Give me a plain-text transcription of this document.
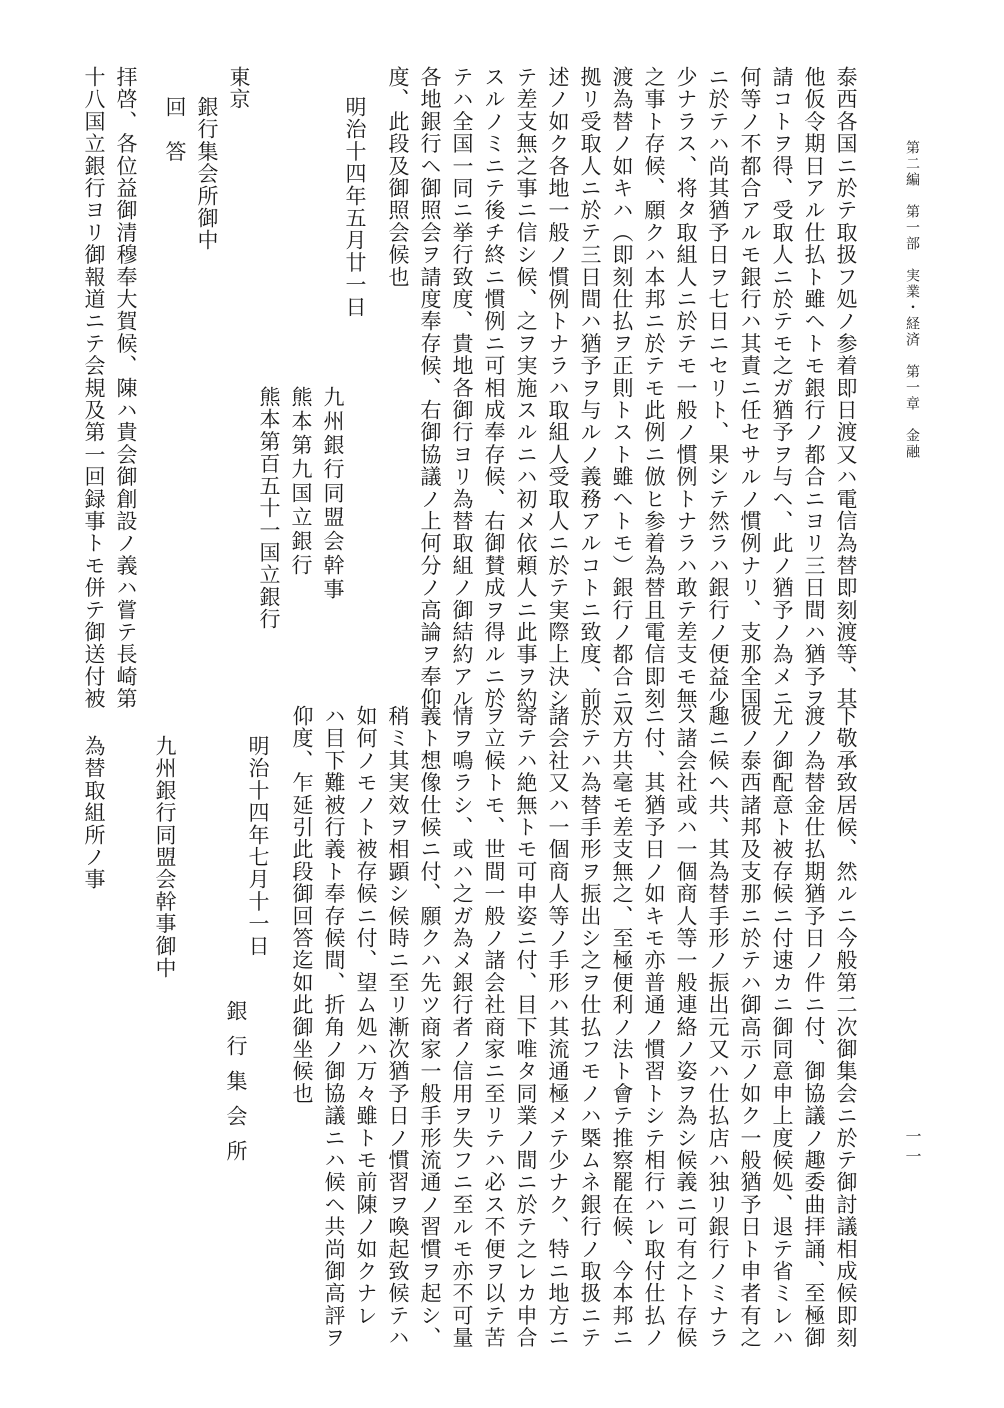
第二編　第一部　実業・経済　第一章　金融
一一
泰西各国ニ於テ取扱フ処ノ参着即日渡又ハ電信為替即刻渡等、其
他仮令期日アル仕払ト雖ヘトモ銀行ノ都合ニヨリ三日間ハ猶予ヲ
請コトヲ得、受取人ニ於テモ之ガ猶予ヲ与ヘ、此ノ猶予ノ為メニ
何等ノ不都合アルモ銀行ハ其責ニ任セサルノ慣例ナリ、支那全国
ニ於テハ尚其猶予日ヲ七日ニセリト、果シテ然ラハ銀行ノ便益少
少ナラス、将タ取組人ニ於テモ一般ノ慣例トナラハ敢テ差支モ無
之事ト存候、願クハ本邦ニ於テモ此例ニ倣ヒ参着為替且電信即刻
渡為替ノ如キハ（即刻仕払ヲ正則トスト雖ヘトモ）銀行ノ都合ニ
拠リ受取人ニ於テ三日間ハ猶予ヲ与ルノ義務アルコトニ致度、前
述ノ如ク各地一般ノ慣例トナラハ取組人受取人ニ於テ実際上決シ
テ差支無之事ニ信シ候、之ヲ実施スルニハ初メ依頼人ニ此事ヲ約
スルノミニテ後チ終ニ慣例ニ可相成奉存候、右御賛成ヲ得ルニ於
テハ全国一同ニ挙行致度、貴地各御行ヨリ為替取組ノ御結約アル
各地銀行ヘ御照会ヲ請度奉存候、右御協議ノ上何分ノ高論ヲ奉仰
度、此段及御照会候也
明治十四年五月廿一日
九州銀行同盟会幹事
熊本第九国立銀行
熊本第百五十一国立銀行
東京
銀行集会所御中
回　答
拝啓、各位益御清穆奉大賀候、陳ハ貴会御創設ノ義ハ嘗テ長崎第
十八国立銀行ヨリ御報道ニテ会規及第一回録事トモ併テ御送付被
下敬承致居候、然ルニ今般第二次御集会ニ於テ御討議相成候即刻
渡ノ為替金仕払期猶予日ノ件ニ付、御協議ノ趣委曲拝誦、至極御
尤ノ御配意ト被存候ニ付速カニ御同意申上度候処、退テ省ミレハ
彼ノ泰西諸邦及支那ニ於テハ御高示ノ如ク一般猶予日ト申者有之
趣ニ候ヘ共、其為替手形ノ振出元又ハ仕払店ハ独リ銀行ノミナラ
ス諸会社或ハ一個商人等一般連絡ノ姿ヲ為シ候義ニ可有之ト存候
ニ付、其猶予日ノ如キモ亦普通ノ慣習トシテ相行ハレ取付仕払ノ
双方共毫モ差支無之、至極便利ノ法ト會テ推察罷在候、今本邦ニ
於テハ為替手形ヲ振出シ之ヲ仕払フモノハ槩ムネ銀行ノ取扱ニテ
諸会社又ハ一個商人等ノ手形ハ其流通極メテ少ナク、特ニ地方ニ
寄テハ絶無トモ可申姿ニ付、目下唯タ同業ノ間ニ於テ之レカ申合
ヲ立候トモ、世間一般ノ諸会社商家ニ至リテハ必ス不便ヲ以テ苦
情ヲ鳴ラシ、或ハ之ガ為メ銀行者ノ信用ヲ失フニ至ルモ亦不可量
義ト想像仕候ニ付、願クハ先ツ商家一般手形流通ノ習慣ヲ起シ、
稍ミ其実效ヲ相顕シ候時ニ至リ漸次猶予日ノ慣習ヲ喚起致候テハ
如何ノモノト被存候ニ付、望ム処ハ万々雖トモ前陳ノ如クナレ
ハ目下難被行義ト奉存候間、折角ノ御協議ニハ候ヘ共尚御高評ヲ
仰度、乍延引此段御回答迄如此御坐候也
明治十四年七月十一日
銀行集会所
九州銀行同盟会幹事御中
為替取組所ノ事
